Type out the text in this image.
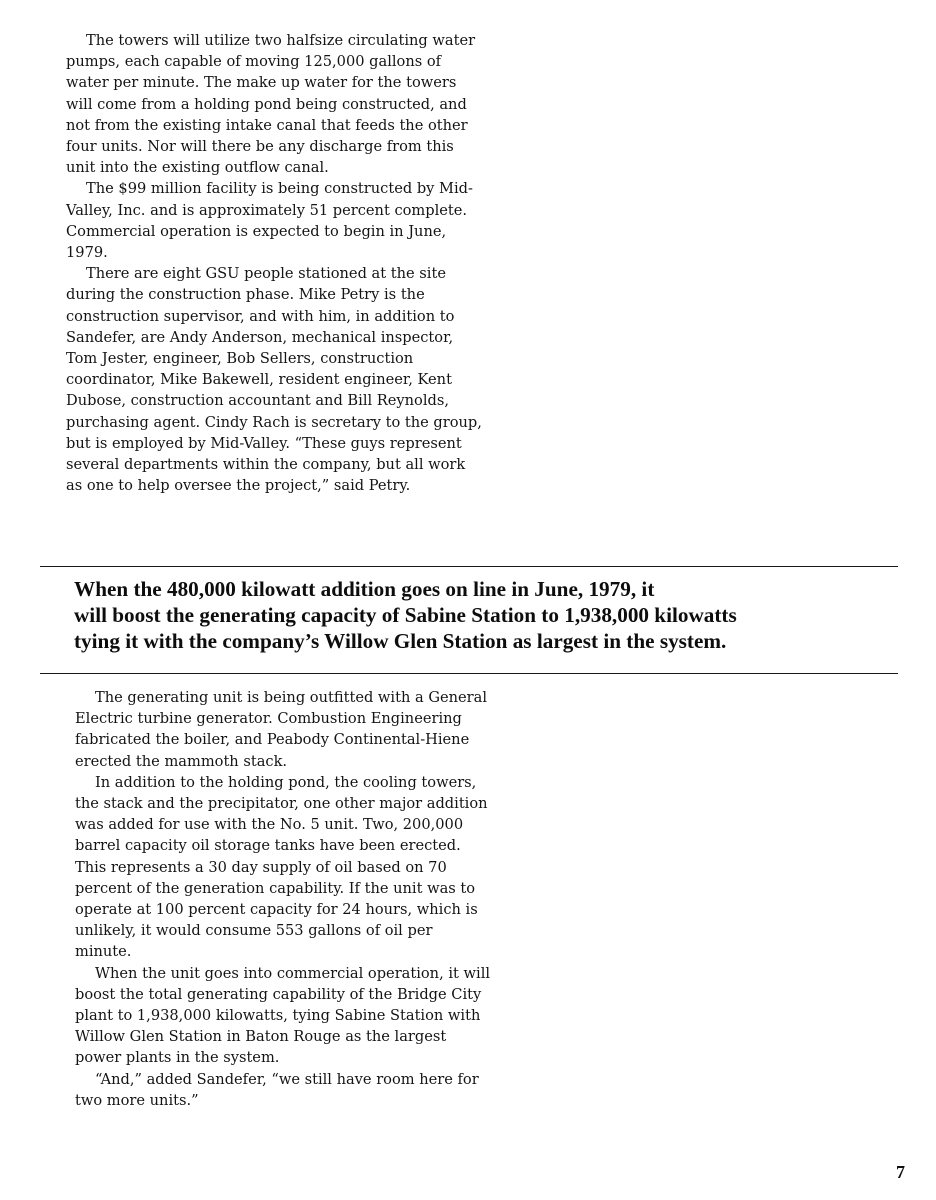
The towers will utilize two halfsize circulating water pumps, each capable of moving 125,000 gallons of water per minute. The make up water for the towers will come from a holding pond being constructed, and not from the existing intake canal that feeds the other four units. Nor will there be any discharge from this unit into the existing outflow canal.

The $99 million facility is being constructed by Mid-Valley, Inc. and is approximately 51 percent complete. Commercial operation is expected to begin in June, 1979.

There are eight GSU people stationed at the site during the construction phase. Mike Petry is the construction supervisor, and with him, in addition to Sandefer, are Andy Anderson, mechanical inspector, Tom Jester, engineer, Bob Sellers, construction coordinator, Mike Bakewell, resident engineer, Kent Dubose, construction accountant and Bill Reynolds, purchasing agent. Cindy Rach is secretary to the group, but is employed by Mid-Valley. “These guys represent several departments within the company, but all work as one to help oversee the project,” said Petry.

When the 480,000 kilowatt addition goes on line in June, 1979, it
will boost the generating capacity of Sabine Station to 1,938,000 kilowatts
tying it with the company’s Willow Glen Station as largest in the system.

The generating unit is being outfitted with a General Electric turbine generator. Combustion Engineering fabricated the boiler, and Peabody Continental-Hiene erected the mammoth stack.

In addition to the holding pond, the cooling towers, the stack and the precipitator, one other major addition was added for use with the No. 5 unit. Two, 200,000 barrel capacity oil storage tanks have been erected. This represents a 30 day supply of oil based on 70 percent of the generation capability. If the unit was to operate at 100 percent capacity for 24 hours, which is unlikely, it would consume 553 gallons of oil per minute.

When the unit goes into commercial operation, it will boost the total generating capability of the Bridge City plant to 1,938,000 kilowatts, tying Sabine Station with Willow Glen Station in Baton Rouge as the largest power plants in the system.

“And,” added Sandefer, “we still have room here for two more units.”

7
